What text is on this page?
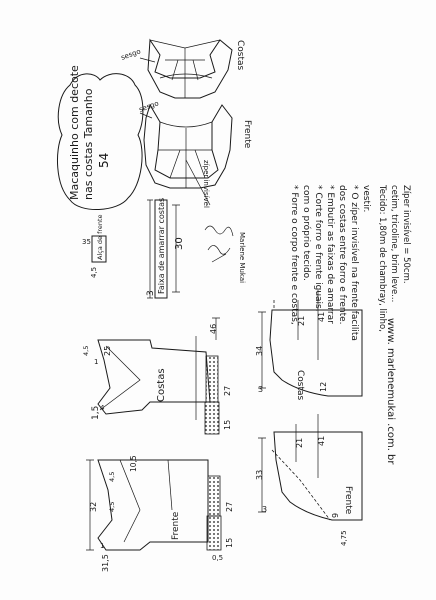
Macaquinho com decote nas costas Tamanho 54
sesgo	Costas
sesgo
Frente
zíper invisível
* Forre o corpo frente e costas, com o próprio tecido. * Corte forro e frente iguais. * Embutir as faixas de amarrar dos costas entre forro e frente. * O zíper invisível na frente facilita vestir. Tecido: 1,80m de chambray, linho, cetim, tricoline, brim leve... Zíper invisível = 50cm.
www. marlenemukai .com. br
Marlene Mukai
3 Faixa de amarrar costas 30
Alça de frente
35
4,5
46
25
4,5
1
4
27
15
1,5
Costas
32
10,5
4,5
4,5
1
31,5
27
15
0,5
Frente
34
21 41
12
3	Costas
33
21 41
9
4,75
3	Frente
